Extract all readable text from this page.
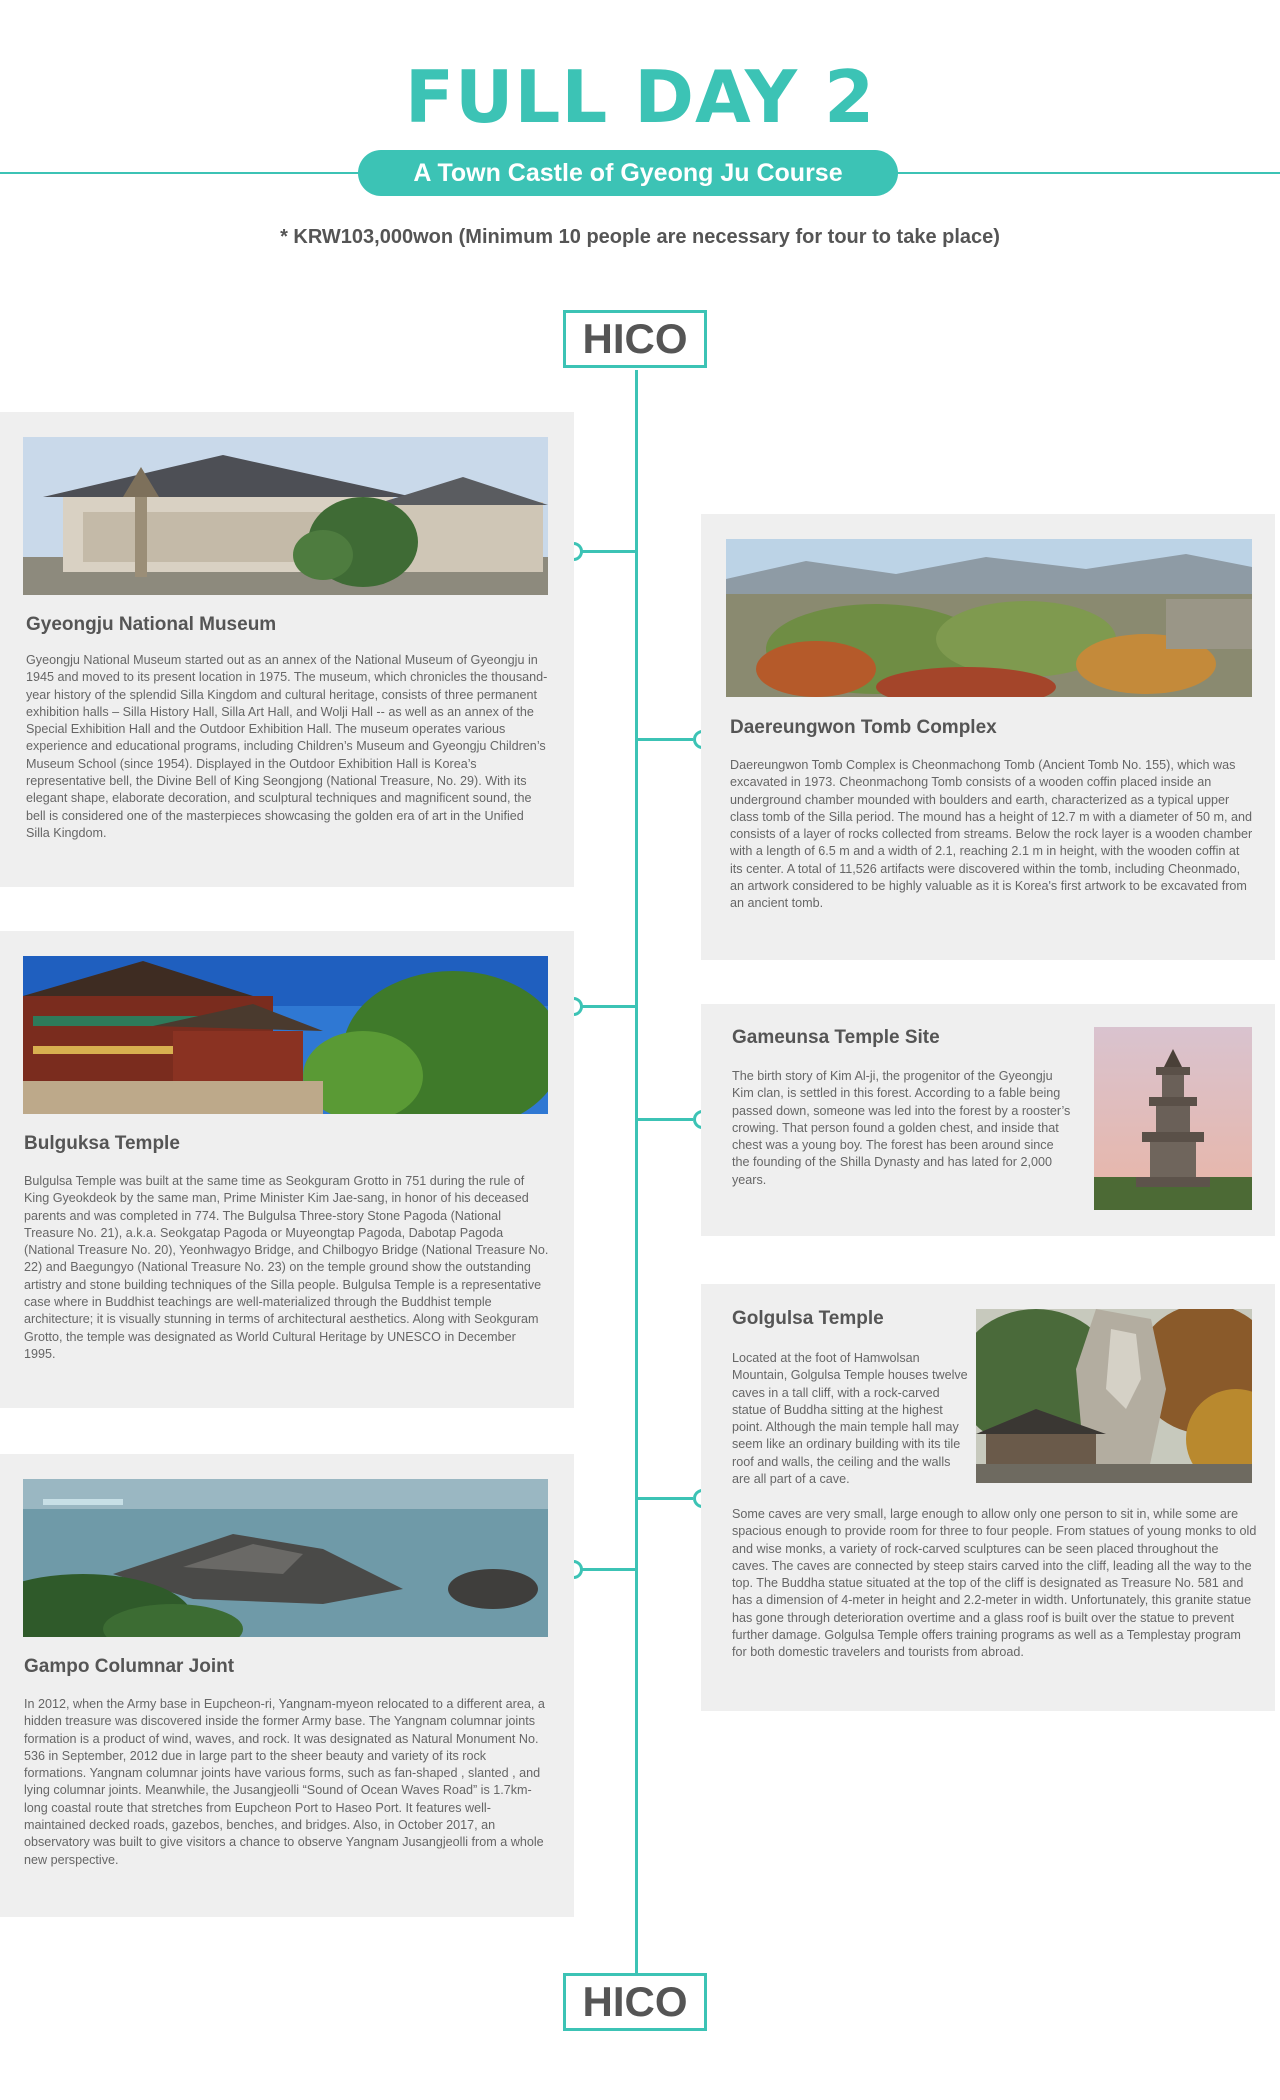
FULL DAY 2
A Town Castle of Gyeong Ju Course
* KRW103,000won (Minimum 10 people are necessary for tour to take place)
HICO
HICO
Gyeongju National Museum

Gyeongju National Museum started out as an annex of the National Museum of Gyeongju in 1945 and moved to its present location in 1975. The museum, which chronicles the thousand-year history of the splendid Silla Kingdom and cultural heritage, consists of three permanent exhibition halls – Silla History Hall, Silla Art Hall, and Wolji Hall -- as well as an annex of the Special Exhibition Hall and the Outdoor Exhibition Hall. The museum operates various experience and educational programs, including Children’s Museum and Gyeongju Children’s Museum School (since 1954). Displayed in the Outdoor Exhibition Hall is Korea’s representative bell, the Divine Bell of King Seongjong (National Treasure, No. 29). With its elegant shape, elaborate decoration, and sculptural techniques and magnificent sound, the bell is considered one of the masterpieces showcasing the golden era of art in the Unified Silla Kingdom.

Daereungwon Tomb Complex

Daereungwon Tomb Complex is Cheonmachong Tomb (Ancient Tomb No. 155), which was excavated in 1973. Cheonmachong Tomb consists of a wooden coffin placed inside an underground chamber mounded with boulders and earth, characterized as a typical upper class tomb of the Silla period. The mound has a height of 12.7 m with a diameter of 50 m, and consists of a layer of rocks collected from streams. Below the rock layer is a wooden chamber with a length of 6.5 m and a width of 2.1, reaching 2.1 m in height, with the wooden coffin at its center. A total of 11,526 artifacts were discovered within the tomb, including Cheonmado, an artwork considered to be highly valuable as it is Korea's first artwork to be excavated from an ancient tomb.

Bulguksa Temple

Bulgulsa Temple was built at the same time as Seokguram Grotto in 751 during the rule of King Gyeokdeok by the same man, Prime Minister Kim Jae-sang, in honor of his deceased parents and was completed in 774. The Bulgulsa Three-story Stone Pagoda (National Treasure No. 21), a.k.a. Seokgatap Pagoda or Muyeongtap Pagoda, Dabotap Pagoda (National Treasure No. 20), Yeonhwagyo Bridge, and Chilbogyo Bridge (National Treasure No. 22) and Baegungyo (National Treasure No. 23) on the temple ground show the outstanding artistry and stone building techniques of the Silla people. Bulgulsa Temple is a representative case where in Buddhist teachings are well-materialized through the Buddhist temple architecture; it is visually stunning in terms of architectural aesthetics. Along with Seokguram Grotto, the temple was designated as World Cultural Heritage by UNESCO in December 1995.

Gameunsa Temple Site

The birth story of Kim Al-ji, the progenitor of the Gyeongju Kim clan, is settled in this forest. According to a fable being passed down, someone was led into the forest by a rooster’s crowing. That person found a golden chest, and inside that chest was a young boy. The forest has been around since the founding of the Shilla Dynasty and has lated for 2,000 years.

Golgulsa Temple

Located at the foot of Hamwolsan Mountain, Golgulsa Temple houses twelve caves in a tall cliff, with a rock-carved statue of Buddha sitting at the highest point. Although the main temple hall may seem like an ordinary building with its tile roof and walls, the ceiling and the walls are all part of a cave.

Some caves are very small, large enough to allow only one person to sit in, while some are spacious enough to provide room for three to four people. From statues of young monks to old and wise monks, a variety of rock-carved sculptures can be seen placed throughout the caves. The caves are connected by steep stairs carved into the cliff, leading all the way to the top. The Buddha statue situated at the top of the cliff is designated as Treasure No. 581 and has a dimension of 4-meter in height and 2.2-meter in width. Unfortunately, this granite statue has gone through deterioration overtime and a glass roof is built over the statue to prevent further damage. Golgulsa Temple offers training programs as well as a Templestay program for both domestic travelers and tourists from abroad.

Gampo Columnar Joint

In 2012, when the Army base in Eupcheon-ri, Yangnam-myeon relocated to a different area, a hidden treasure was discovered inside the former Army base. The Yangnam columnar joints formation is a product of wind, waves, and rock. It was designated as Natural Monument No. 536 in September, 2012 due in large part to the sheer beauty and variety of its rock formations. Yangnam columnar joints have various forms, such as fan-shaped , slanted , and lying columnar joints. Meanwhile, the Jusangjeolli “Sound of Ocean Waves Road” is 1.7km-long coastal route that stretches from Eupcheon Port to Haseo Port. It features well-maintained decked roads, gazebos, benches, and bridges. Also, in October 2017, an observatory was built to give visitors a chance to observe Yangnam Jusangjeolli from a whole new perspective.
